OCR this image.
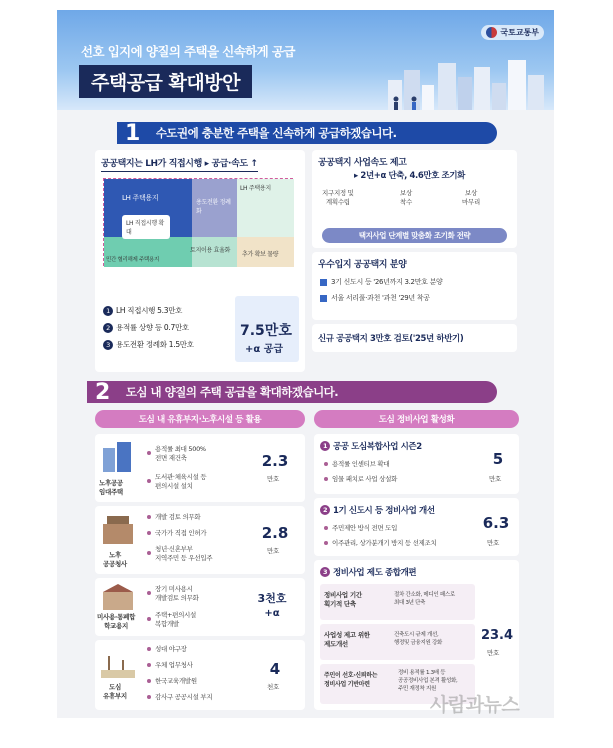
국토교통부
선호 입지에 양질의 주택을 신속하게 공급
주택공급 확대방안
1 수도권에 충분한 주택을 신속하게 공급하겠습니다.
공공택지는 LH가 직접시행 ▸ 공급·속도 ↑
LH 주택용지
민간 혈리해제 주택용지
용도전환 정례화
토지이용 효율화
LH 주택용지
추가 확보 물량
LH 직접시행 확대
1 LH 직접시행 5.3만호
2 용적률 상향 등 0.7만호
3 용도전환 정례화 1.5만호
7.5만호
+α 공급
공공택지 사업속도 제고
▸ 2년+α 단축, 4.6만호 조기화
지구지정 및
계획수립
보상
착수
보상
마무리
택지사업 단계별 맞춤화 조기화 전략
우수입지 공공택지 분양
3기 신도시 등 '26년까지 3.2만호 분양
서울 서리풀·과천 '과천 '29년 착공
신규 공공택지 3만호 검토('25년 하반기)
2 도심 내 양질의 주택 공급을 확대하겠습니다.
도심 내 유휴부지·노후시설 등 활용	도심 정비사업 활성화
노후공공
임대주택
용적률 최대 500%
전면 재건축
도서관·체육시설 등
편의시설 설치
2.3
만호
노후
공공청사
개발 검토 의무화
국가가 직접 인허가
청년·신혼부부
지역주민 등 우선입주
2.8
만호
미사용·통폐합
학교용지
장기 미사용시
개발검토 의무화
주택+편의시설
복합개발
3천호
+α
도심
유휴부지
성대 야구장
우체 업무청사
한국교육개발원
감사구 공공시설 부지
4
천호
1 공공 도심복합사업 시즌2
용적률 인센티브 확대
임물 패치로 사업 상설화
5
만호
2 1기 신도시 등 정비사업 개선
주민제안 방식 전면 도입
이주관리, 상가분개기 방지 등 선제조치
6.3
만호
3 정비사업 제도 종합개편
정비사업 기간
획기적 단축
절차 간소화, 메디인 패스로
최대 3년 단축
사업성 제고 위한
제도개선
건축도시 규제 개선,
행정및 금융지원 강화
주민이 선호·신뢰하는
정비사업 기반마련
정비 용적률 1.3배 등
공공정비사업 본격 활성화,
주민 재정착 지원
23.4
만호
사람과뉴스
